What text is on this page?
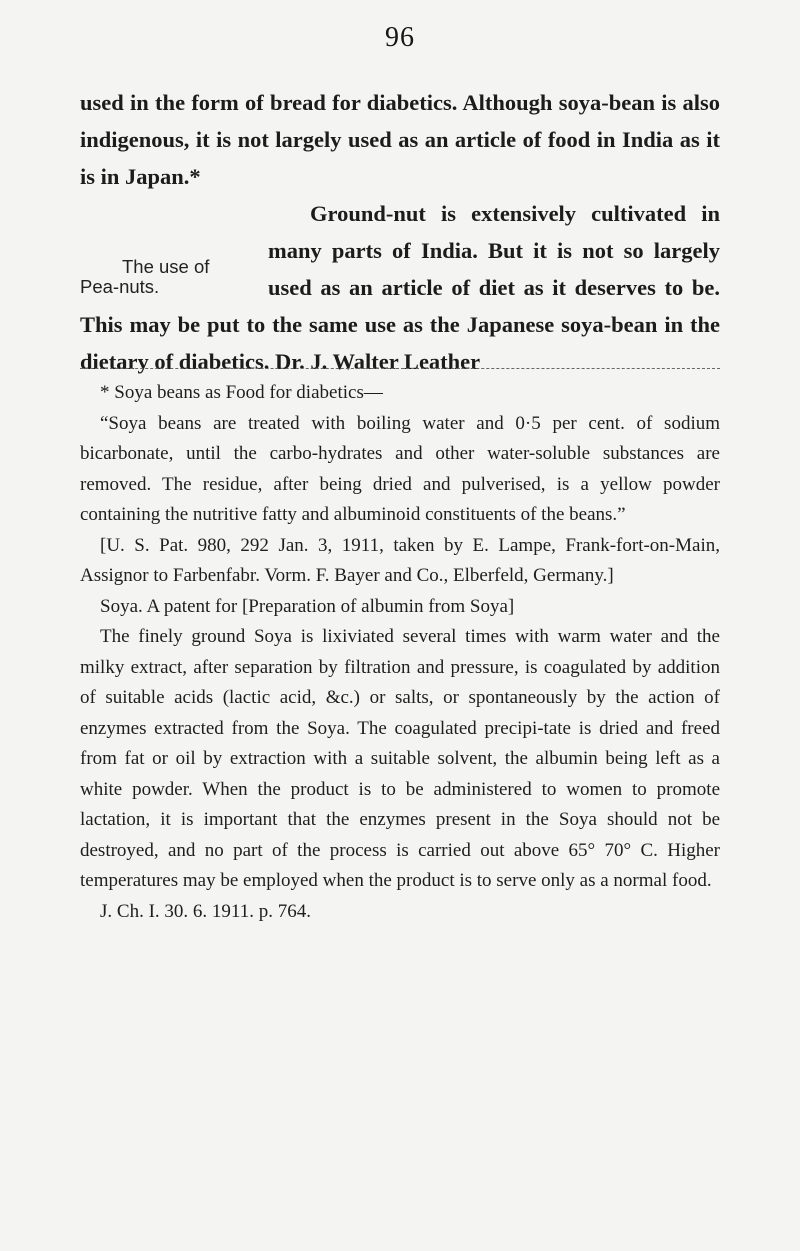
96

used in the form of bread for diabetics. Although soya-bean is also indigenous, it is not largely used as an article of food in India as it is in Japan.*

The use of Pea-nuts.
Ground-nut is extensively cultivated in many parts of India. But it is not so largely used as an article of diet as it deserves to be. This may be put to the same use as the Japanese soya-bean in the dietary of diabetics. Dr. J. Walter Leather

* Soya beans as Food for diabetics—

“Soya beans are treated with boiling water and 0·5 per cent. of sodium bicarbonate, until the carbo-hydrates and other water-soluble substances are removed. The residue, after being dried and pulverised, is a yellow powder containing the nutritive fatty and albuminoid constituents of the beans.”

[U. S. Pat. 980, 292 Jan. 3, 1911, taken by E. Lampe, Frank-fort-on-Main, Assignor to Farbenfabr. Vorm. F. Bayer and Co., Elberfeld, Germany.]

Soya. A patent for [Preparation of albumin from Soya]

The finely ground Soya is lixiviated several times with warm water and the milky extract, after separation by filtration and pressure, is coagulated by addition of suitable acids (lactic acid, &c.) or salts, or spontaneously by the action of enzymes extracted from the Soya. The coagulated precipi-tate is dried and freed from fat or oil by extraction with a suitable solvent, the albumin being left as a white powder. When the product is to be administered to women to promote lactation, it is important that the enzymes present in the Soya should not be destroyed, and no part of the process is carried out above 65° 70° C. Higher temperatures may be employed when the product is to serve only as a normal food.

J. Ch. I. 30. 6. 1911. p. 764.
